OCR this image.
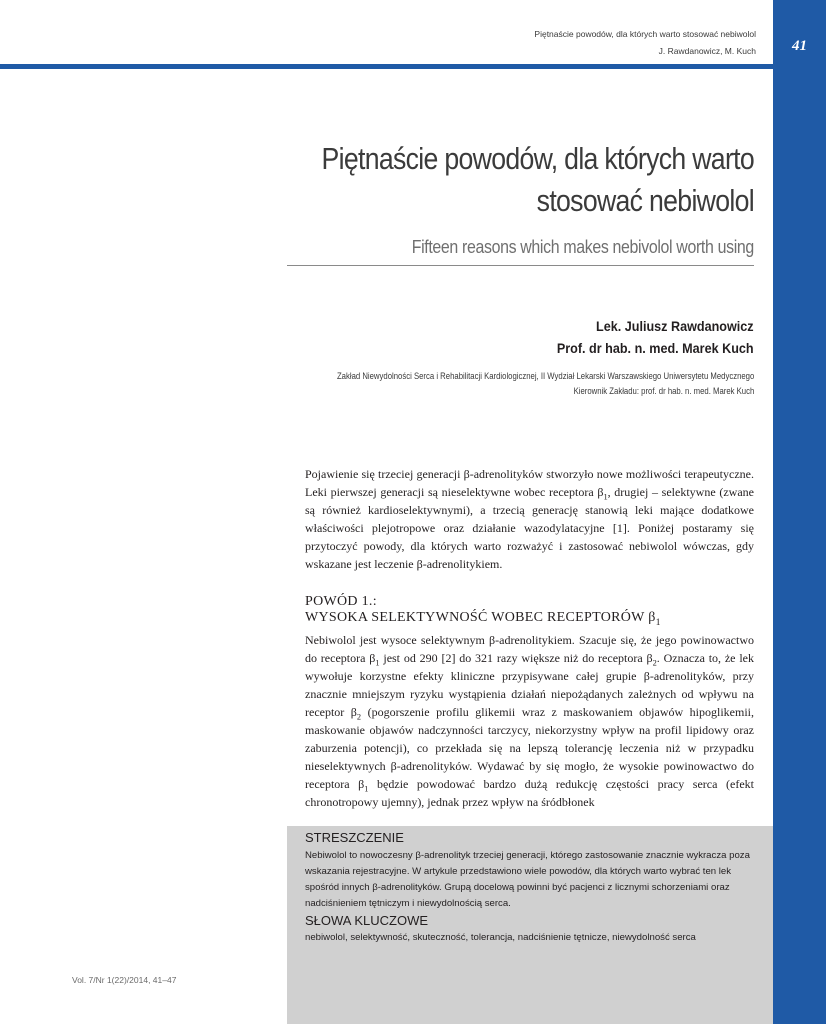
41
Piętnaście powodów, dla których warto stosować nebiwolol
J. Rawdanowicz, M. Kuch
Piętnaście powodów, dla których warto stosować nebiwolol
Fifteen reasons which makes nebivolol worth using
Lek. Juliusz Rawdanowicz
Prof. dr hab. n. med. Marek Kuch
Zakład Niewydolności Serca i Rehabilitacji Kardiologicznej, II Wydział Lekarski Warszawskiego Uniwersytetu Medycznego
Kierownik Zakładu: prof. dr hab. n. med. Marek Kuch

Pojawienie się trzeciej generacji β-adrenolityków stworzyło nowe możliwości terapeutyczne. Leki pierwszej generacji są nieselektywne wobec receptora $\beta_1$, drugiej – selektywne (zwane są również kardioselektywnymi), a trzecią generację stanowią leki mające dodatkowe właściwości plejotropowe oraz działanie wazodylatacyjne [1]. Poniżej postaramy się przytoczyć powody, dla których warto rozważyć i zastosować nebiwolol wówczas, gdy wskazane jest leczenie β-adrenolitykiem.

POWÓD 1.:
WYSOKA SELEKTYWNOŚĆ WOBEC RECEPTORÓW $\beta_1$

Nebiwolol jest wysoce selektywnym β-adrenolitykiem. Szacuje się, że jego powinowactwo do receptora $\beta_1$ jest od 290 [2] do 321 razy większe niż do receptora $\beta_2$. Oznacza to, że lek wywołuje korzystne efekty kliniczne przypisywane całej grupie β-adrenolityków, przy znacznie mniejszym ryzyku wystąpienia działań niepożądanych zależnych od wpływu na receptor $\beta_2$ (pogorszenie profilu glikemii wraz z maskowaniem objawów hipoglikemii, maskowanie objawów nadczynności tarczycy, niekorzystny wpływ na profil lipidowy oraz zaburzenia potencji), co przekłada się na lepszą tolerancję leczenia niż w przypadku nieselektywnych β-adrenolityków. Wydawać by się mogło, że wysokie powinowactwo do receptora $\beta_1$ będzie powodować bardzo dużą redukcję częstości pracy serca (efekt chronotropowy ujemny), jednak przez wpływ na śródbłonek

STRESZCZENIE
Nebiwolol to nowoczesny β-adrenolityk trzeciej generacji, którego zastosowanie znacznie wykracza poza wskazania rejestracyjne. W artykule przedstawiono wiele powodów, dla których warto wybrać ten lek spośród innych β-adrenolityków. Grupą docelową powinni być pacjenci z licznymi schorzeniami oraz nadciśnieniem tętniczym i niewydolnością serca.
SŁOWA KLUCZOWE
nebiwolol, selektywność, skuteczność, tolerancja, nadciśnienie tętnicze, niewydolność serca
Vol. 7/Nr 1(22)/2014, 41–47
